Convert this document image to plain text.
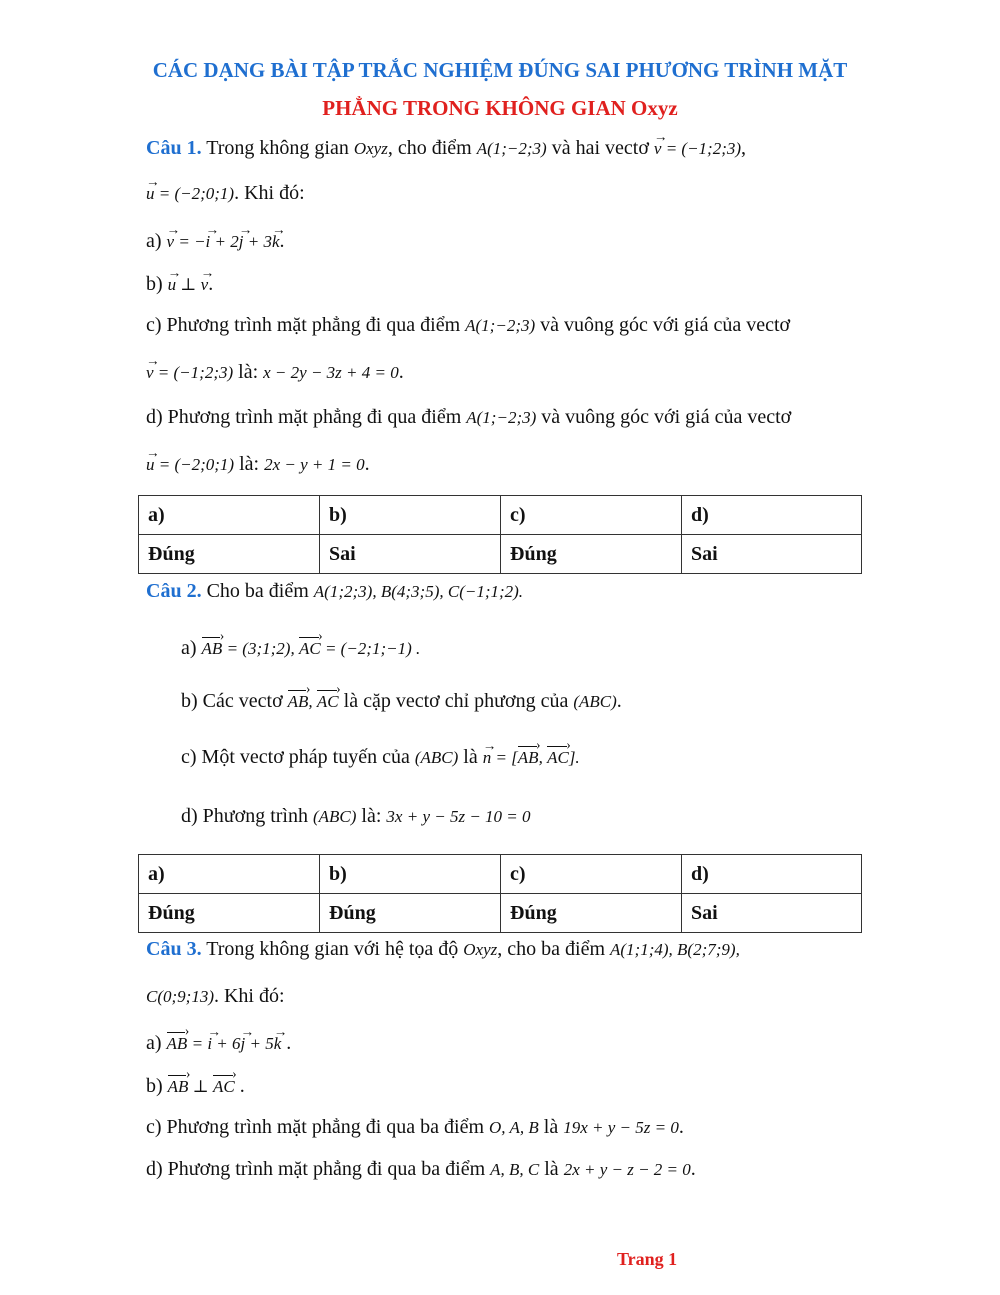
CÁC DẠNG BÀI TẬP TRẮC NGHIỆM ĐÚNG SAI PHƯƠNG TRÌNH MẶT
PHẲNG TRONG KHÔNG GIAN Oxyz
Câu 1. Trong không gian Oxyz, cho điểm A(1;−2;3) và hai vectơ → v = (−1;2;3),
→ u = (−2;0;1). Khi đó:
a) → v = −→ i + 2→ j + 3→ k.
b) → u ⊥ → v.
c) Phương trình mặt phẳng đi qua điểm A(1;−2;3) và vuông góc với giá của vectơ
→ v = (−1;2;3) là: x − 2y − 3z + 4 = 0.
d) Phương trình mặt phẳng đi qua điểm A(1;−2;3) và vuông góc với giá của vectơ
→ u = (−2;0;1) là: 2x − y + 1 = 0.
a)	b)	c)	d)
Đúng	Sai	Đúng	Sai
Câu 2. Cho ba điểm A(1;2;3), B(4;3;5), C(−1;1;2).
a) AB › = (3;1;2), AC › = (−2;1;−1) .
b) Các vectơ AB ›, AC › là cặp vectơ chỉ phương của (ABC).
c) Một vectơ pháp tuyến của (ABC) là → n = [AB ›, AC ›].
d) Phương trình (ABC) là: 3x + y − 5z − 10 = 0
a)	b)	c)	d)
Đúng	Đúng	Đúng	Sai
Câu 3. Trong không gian với hệ tọa độ Oxyz, cho ba điểm A(1;1;4), B(2;7;9),
C(0;9;13). Khi đó:
a) AB › = → i + 6→ j + 5→ k .
b) AB › ⊥ AC › .
c) Phương trình mặt phẳng đi qua ba điểm O, A, B là 19x + y − 5z = 0.
d) Phương trình mặt phẳng đi qua ba điểm A, B, C là 2x + y − z − 2 = 0.
Trang 1
